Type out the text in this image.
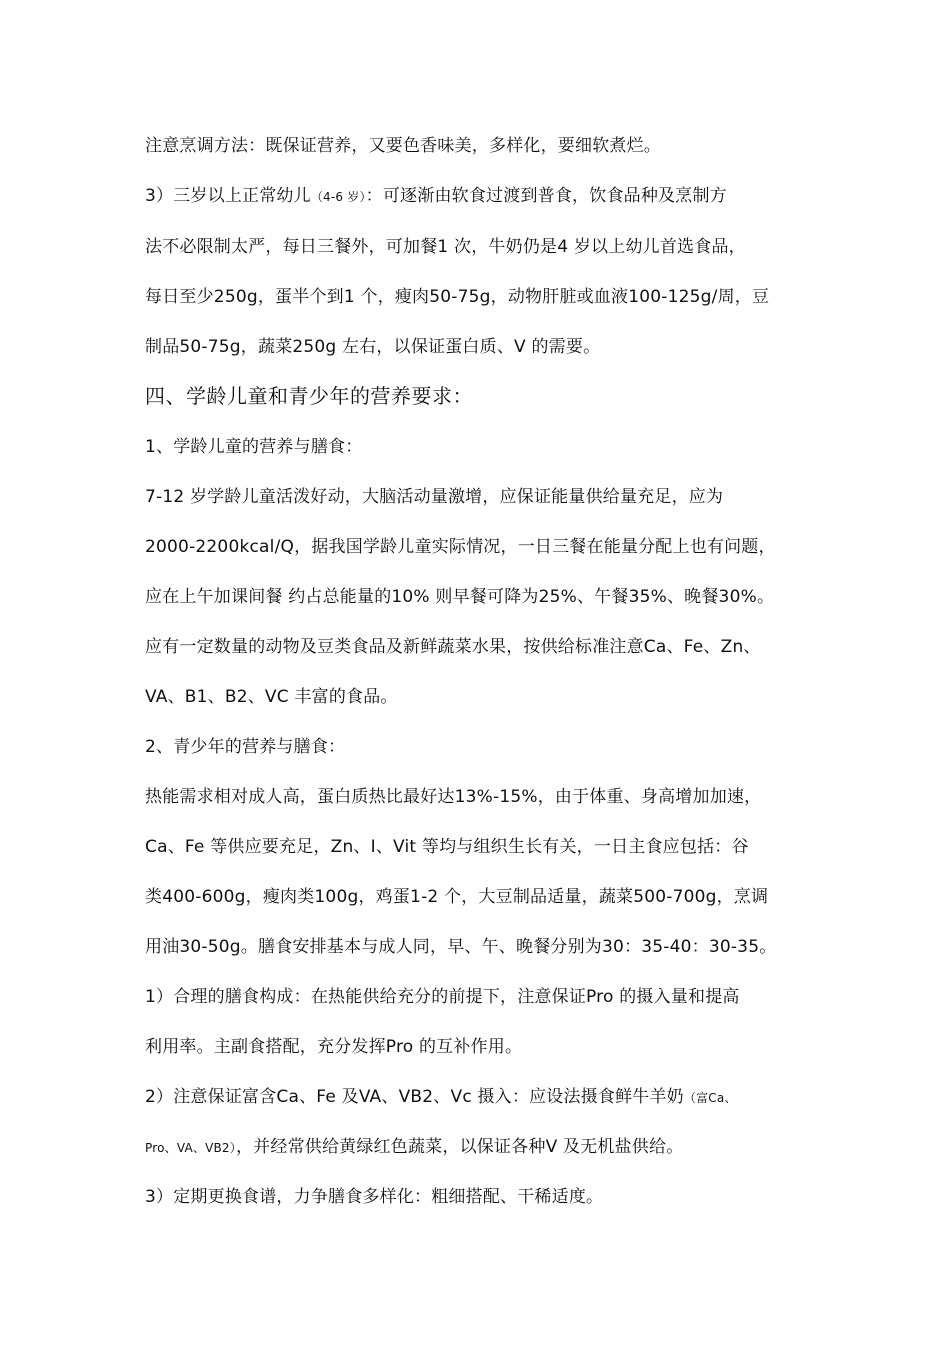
注意烹调方法：既保证营养，又要色香味美，多样化，要细软煮烂。
3）三岁以上正常幼儿（4-6 岁）：可逐渐由软食过渡到普食，饮食品种及烹制方
法不必限制太严，每日三餐外，可加餐1 次，牛奶仍是4 岁以上幼儿首选食品，
每日至少250g，蛋半个到1 个，瘦肉50-75g，动物肝脏或血液100-125g/周，豆
制品50-75g，蔬菜250g 左右，以保证蛋白质、V 的需要。
四、学龄儿童和青少年的营养要求：
1、学龄儿童的营养与膳食：
7-12 岁学龄儿童活泼好动，大脑活动量激增，应保证能量供给量充足，应为
2000-2200kcal/Q，据我国学龄儿童实际情况，一日三餐在能量分配上也有问题，
应在上午加课间餐 约占总能量的10% 则早餐可降为25%、午餐35%、晚餐30%。
应有一定数量的动物及豆类食品及新鲜蔬菜水果，按供给标准注意Ca、Fe、Zn、
VA、B1、B2、VC 丰富的食品。
2、青少年的营养与膳食：
热能需求相对成人高，蛋白质热比最好达13%-15%，由于体重、身高增加加速，
Ca、Fe 等供应要充足，Zn、I、Vit 等均与组织生长有关，一日主食应包括：谷
类400-600g，瘦肉类100g，鸡蛋1-2 个，大豆制品适量，蔬菜500-700g，烹调
用油30-50g。膳食安排基本与成人同，早、午、晚餐分别为30：35-40：30-35。
1）合理的膳食构成：在热能供给充分的前提下，注意保证Pro 的摄入量和提高
利用率。主副食搭配，充分发挥Pro 的互补作用。
2）注意保证富含Ca、Fe 及VA、VB2、Vc 摄入：应设法摄食鲜牛羊奶（富Ca、
Pro、VA、VB2），并经常供给黄绿红色蔬菜，以保证各种V 及无机盐供给。
3）定期更换食谱，力争膳食多样化：粗细搭配、干稀适度。
